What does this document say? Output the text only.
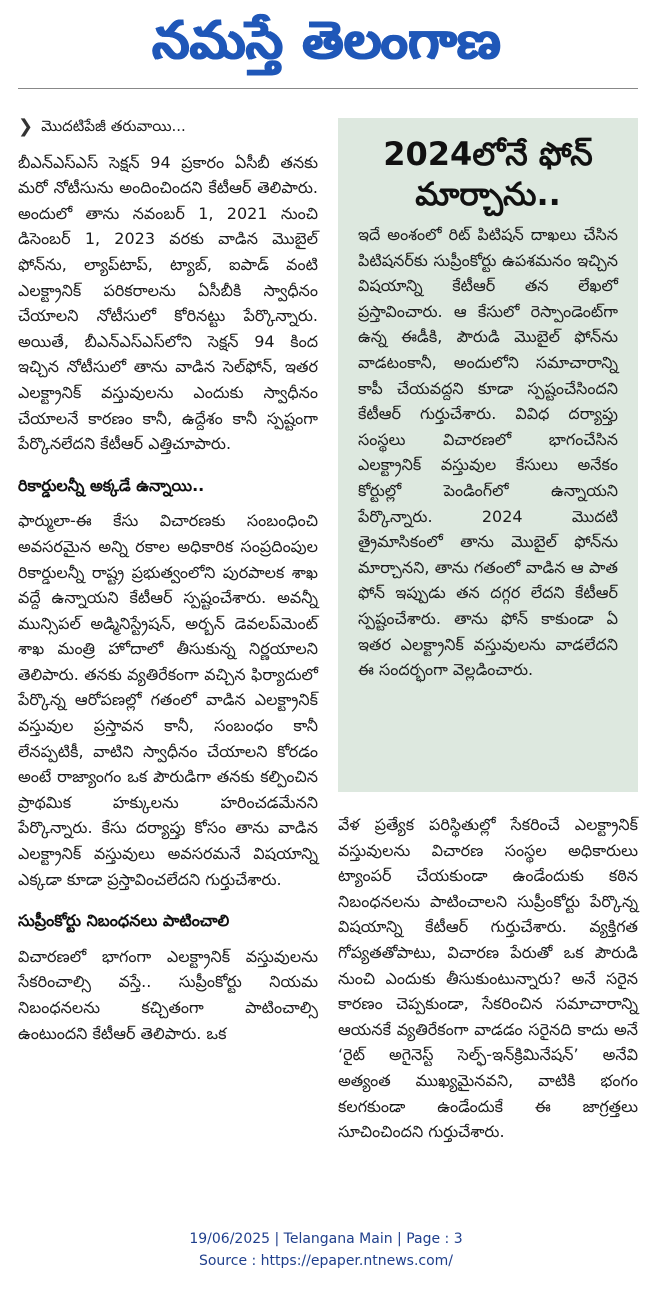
నమస్తే తెలంగాణ
❯ మొదటిపేజీ తరువాయి...

బీఎన్ఎస్ఎస్ సెక్షన్ 94 ప్రకారం ఏసీబీ తనకు మరో నోటీసును అందించిందని కేటీఆర్ తెలిపారు. అందులో తాను నవంబర్ 1, 2021 నుంచి డిసెంబర్ 1, 2023 వరకు వాడిన మొబైల్ ఫోన్‌ను, ల్యాప్‌టాప్, ట్యాబ్, ఐపాడ్ వంటి ఎలక్ట్రానిక్ పరికరాలను ఏసీబీకి స్వాధీనం చేయాలని నోటీసులో కోరినట్టు పేర్కొన్నారు. అయితే, బీఎన్ఎస్ఎస్‌లోని సెక్షన్ 94 కింద ఇచ్చిన నోటీసులో తాను వాడిన సెల్‌ఫోన్, ఇతర ఎలక్ట్రానిక్ వస్తువులను ఎందుకు స్వాధీనం చేయాలనే కారణం కానీ, ఉద్దేశం కానీ స్పష్టంగా పేర్కొనలేదని కేటీఆర్ ఎత్తిచూపారు.

రికార్డులన్నీ అక్కడే ఉన్నాయి..

ఫార్ములా-ఈ కేసు విచారణకు సంబంధించి అవసరమైన అన్ని రకాల అధికారిక సంప్రదింపుల రికార్డులన్నీ రాష్ట్ర ప్రభుత్వంలోని పురపాలక శాఖ వద్దే ఉన్నాయని కేటీఆర్ స్పష్టంచేశారు. అవన్నీ మున్సిపల్ అడ్మినిస్ట్రేషన్, అర్బన్ డెవలప్‌మెంట్ శాఖ మంత్రి హోదాలో తీసుకున్న నిర్ణయాలని తెలిపారు. తనకు వ్యతిరేకంగా వచ్చిన ఫిర్యాదులో పేర్కొన్న ఆరోపణల్లో గతంలో వాడిన ఎలక్ట్రానిక్ వస్తువుల ప్రస్తావన కానీ, సంబంధం కానీ లేనప్పటికీ, వాటిని స్వాధీనం చేయాలని కోరడం అంటే రాజ్యాంగం ఒక పౌరుడిగా తనకు కల్పించిన ప్రాథమిక హక్కులను హరించడమేనని పేర్కొన్నారు. కేసు దర్యాప్తు కోసం తాను వాడిన ఎలక్ట్రానిక్ వస్తువులు అవసరమనే విషయాన్ని ఎక్కడా కూడా ప్రస్తావించలేదని గుర్తుచేశారు.

సుప్రీంకోర్టు నిబంధనలు పాటించాలి

విచారణలో భాగంగా ఎలక్ట్రానిక్ వస్తువులను సేకరించాల్సి వస్తే.. సుప్రీంకోర్టు నియమ నిబంధనలను కచ్చితంగా పాటించాల్సి ఉంటుందని కేటీఆర్ తెలిపారు. ఒక

2024లోనే ఫోన్ మార్చాను..

ఇదే అంశంలో రిట్ పిటిషన్ దాఖలు చేసిన పిటిషనర్‌కు సుప్రీంకోర్టు ఉపశమనం ఇచ్చిన విషయాన్ని కేటీఆర్ తన లేఖలో ప్రస్తావించారు. ఆ కేసులో రెస్పాండెంట్‌గా ఉన్న ఈడీకి, పౌరుడి మొబైల్ ఫోన్‌ను వాడటంకానీ, అందులోని సమాచారాన్ని కాపీ చేయవద్దని కూడా స్పష్టంచేసిందని కేటీఆర్ గుర్తుచేశారు. వివిధ దర్యాప్తు సంస్థలు విచారణలో భాగంచేసిన ఎలక్ట్రానిక్ వస్తువుల కేసులు అనేకం కోర్టుల్లో పెండింగ్‌లో ఉన్నాయని పేర్కొన్నారు. 2024 మొదటి త్రైమాసికంలో తాను మొబైల్ ఫోన్‌ను మార్చానని, తాను గతంలో వాడిన ఆ పాత ఫోన్ ఇప్పుడు తన దగ్గర లేదని కేటీఆర్ స్పష్టంచేశారు. తాను ఫోన్ కాకుండా ఏ ఇతర ఎలక్ట్రానిక్ వస్తువులను వాడలేదని ఈ సందర్భంగా వెల్లడించారు.

వేళ ప్రత్యేక పరిస్థితుల్లో సేకరించే ఎలక్ట్రానిక్ వస్తువులను విచారణ సంస్థల అధికారులు ట్యాంపర్ చేయకుండా ఉండేందుకు కఠిన నిబంధనలను పాటించాలని సుప్రీంకోర్టు పేర్కొన్న విషయాన్ని కేటీఆర్ గుర్తుచేశారు. వ్యక్తిగత గోప్యతతోపాటు, విచారణ పేరుతో ఒక పౌరుడి నుంచి ఎందుకు తీసుకుంటున్నారు? అనే సరైన కారణం చెప్పకుండా, సేకరించిన సమాచారాన్ని ఆయనకే వ్యతిరేకంగా వాడడం సరైనది కాదు అనే ‘రైట్ అగైనెస్ట్ సెల్ఫ్-ఇన్‌క్రిమినేషన్’ అనేవి అత్యంత ముఖ్యమైనవని, వాటికి భంగం కలగకుండా ఉండేందుకే ఈ జాగ్రత్తలు సూచించిందని గుర్తుచేశారు.

19/06/2025 | Telangana Main | Page : 3
Source : https://epaper.ntnews.com/
